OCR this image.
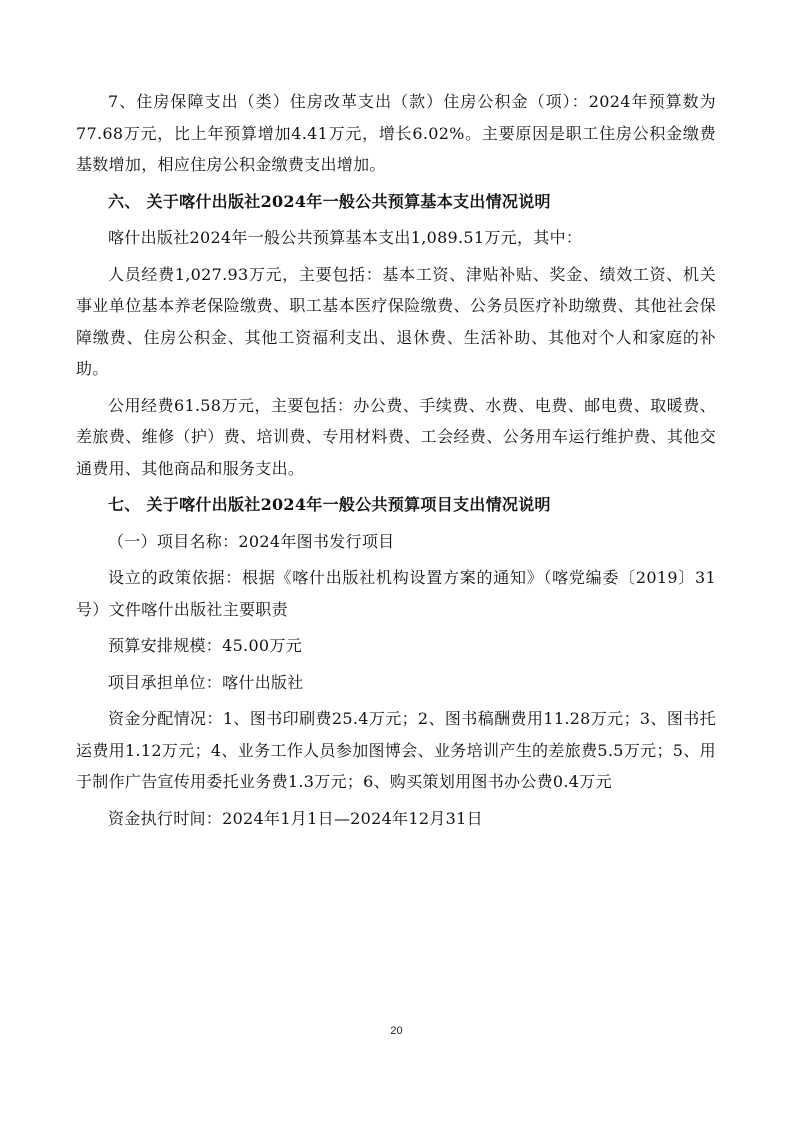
7、住房保障支出（类）住房改革支出（款）住房公积金（项）：2024年预算数为77.68万元，比上年预算增加4.41万元，增长6.02%。主要原因是职工住房公积金缴费基数增加，相应住房公积金缴费支出增加。

六、 关于喀什出版社2024年一般公共预算基本支出情况说明

喀什出版社2024年一般公共预算基本支出1,089.51万元，其中：

人员经费1,027.93万元，主要包括：基本工资、津贴补贴、奖金、绩效工资、机关事业单位基本养老保险缴费、职工基本医疗保险缴费、公务员医疗补助缴费、其他社会保障缴费、住房公积金、其他工资福利支出、退休费、生活补助、其他对个人和家庭的补助。

公用经费61.58万元，主要包括：办公费、手续费、水费、电费、邮电费、取暖费、差旅费、维修（护）费、培训费、专用材料费、工会经费、公务用车运行维护费、其他交通费用、其他商品和服务支出。

七、 关于喀什出版社2024年一般公共预算项目支出情况说明

（一）项目名称：2024年图书发行项目

设立的政策依据：根据《喀什出版社机构设置方案的通知》（喀党编委〔2019〕31号）文件喀什出版社主要职责

预算安排规模：45.00万元

项目承担单位：喀什出版社

资金分配情况：1、图书印刷费25.4万元；2、图书稿酬费用11.28万元；3、图书托运费用1.12万元；4、业务工作人员参加图博会、业务培训产生的差旅费5.5万元；5、用于制作广告宣传用委托业务费1.3万元；6、购买策划用图书办公费0.4万元

资金执行时间：2024年1月1日—2024年12月31日

20
